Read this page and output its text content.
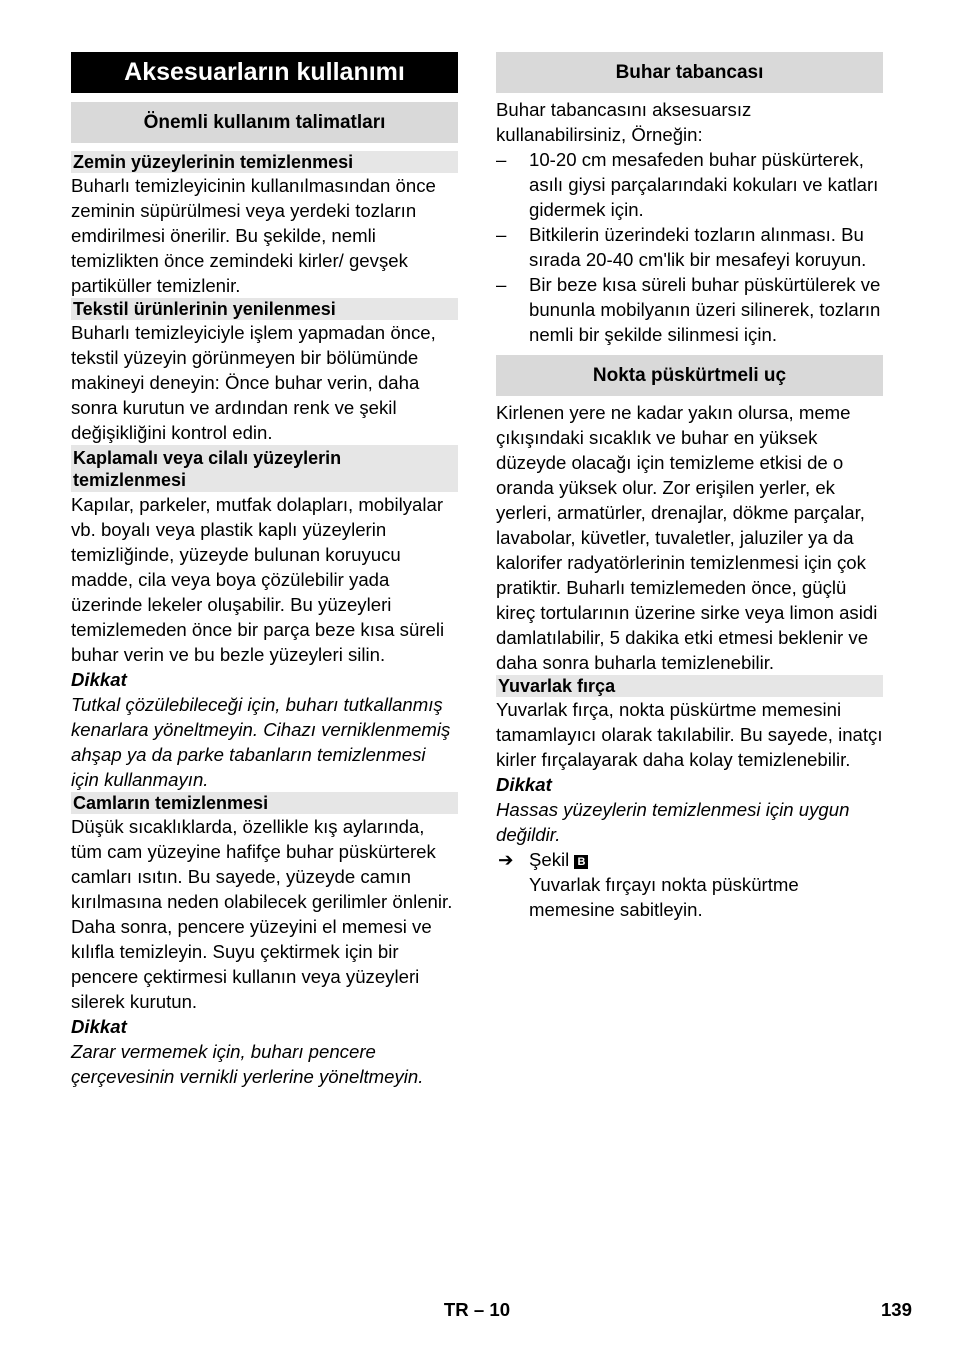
Aksesuarların kullanımı
Önemli kullanım talimatları
Zemin yüzeylerinin temizlenmesi

Buharlı temizleyicinin kullanılmasından önce zeminin süpürülmesi veya yerdeki tozların emdirilmesi önerilir. Bu şekilde, nemli temizlikten önce zemindeki kirler/ gevşek partiküller temizlenir.

Tekstil ürünlerinin yenilenmesi

Buharlı temizleyiciyle işlem yapmadan önce, tekstil yüzeyin görünmeyen bir bölümünde makineyi deneyin: Önce buhar verin, daha sonra kurutun ve ardından renk ve şekil değişikliğini kontrol edin.

Kaplamalı veya cilalı yüzeylerin temizlenmesi

Kapılar, parkeler, mutfak dolapları, mobilyalar vb. boyalı veya plastik kaplı yüzeylerin temizliğinde, yüzeyde bulunan koruyucu madde, cila veya boya çözülebilir yada üzerinde lekeler oluşabilir. Bu yüzeyleri temizlemeden önce bir parça beze kısa süreli buhar verin ve bu bezle yüzeyleri silin.

Dikkat

Tutkal çözülebileceği için, buharı tutkallanmış kenarlara yöneltmeyin. Cihazı verniklenmemiş ahşap ya da parke tabanların temizlenmesi için kullanmayın.

Camların temizlenmesi

Düşük sıcaklıklarda, özellikle kış aylarında, tüm cam yüzeyine hafifçe buhar püskürterek camları ısıtın. Bu sayede, yüzeyde camın kırılmasına neden olabilecek gerilimler önlenir.

Daha sonra, pencere yüzeyini el memesi ve kılıfla temizleyin. Suyu çektirmek için bir pencere çektirmesi kullanın veya yüzeyleri silerek kurutun.

Dikkat

Zarar vermemek için, buharı pencere çerçevesinin vernikli yerlerine yöneltmeyin.

Buhar tabancası

Buhar tabancasını aksesuarsız kullanabilirsiniz, Örneğin:

– 10-20 cm mesafeden buhar püskürterek, asılı giysi parçalarındaki kokuları ve katları gidermek için.
– Bitkilerin üzerindeki tozların alınması. Bu sırada 20-40 cm'lik bir mesafeyi koruyun.
– Bir beze kısa süreli buhar püskürtülerek ve bununla mobilyanın üzeri silinerek, tozların nemli bir şekilde silinmesi için.
Nokta püskürtmeli uç

Kirlenen yere ne kadar yakın olursa, meme çıkışındaki sıcaklık ve buhar en yüksek düzeyde olacağı için temizleme etkisi de o oranda yüksek olur. Zor erişilen yerler, ek yerleri, armatürler, drenajlar, dökme parçalar, lavabolar, küvetler, tuvaletler, jaluziler ya da kalorifer radyatörlerinin temizlenmesi için çok pratiktir. Buharlı temizlemeden önce, güçlü kireç tortularının üzerine sirke veya limon asidi damlatılabilir, 5 dakika etki etmesi beklenir ve daha sonra buharla temizlenebilir.

Yuvarlak fırça

Yuvarlak fırça, nokta püskürtme memesini tamamlayıcı olarak takılabilir. Bu sayede, inatçı kirler fırçalayarak daha kolay temizlenebilir.

Dikkat

Hassas yüzeylerin temizlenmesi için uygun değildir.

➔ Şekil B
Yuvarlak fırçayı nokta püskürtme memesine sabitleyin.
TR – 10	139
